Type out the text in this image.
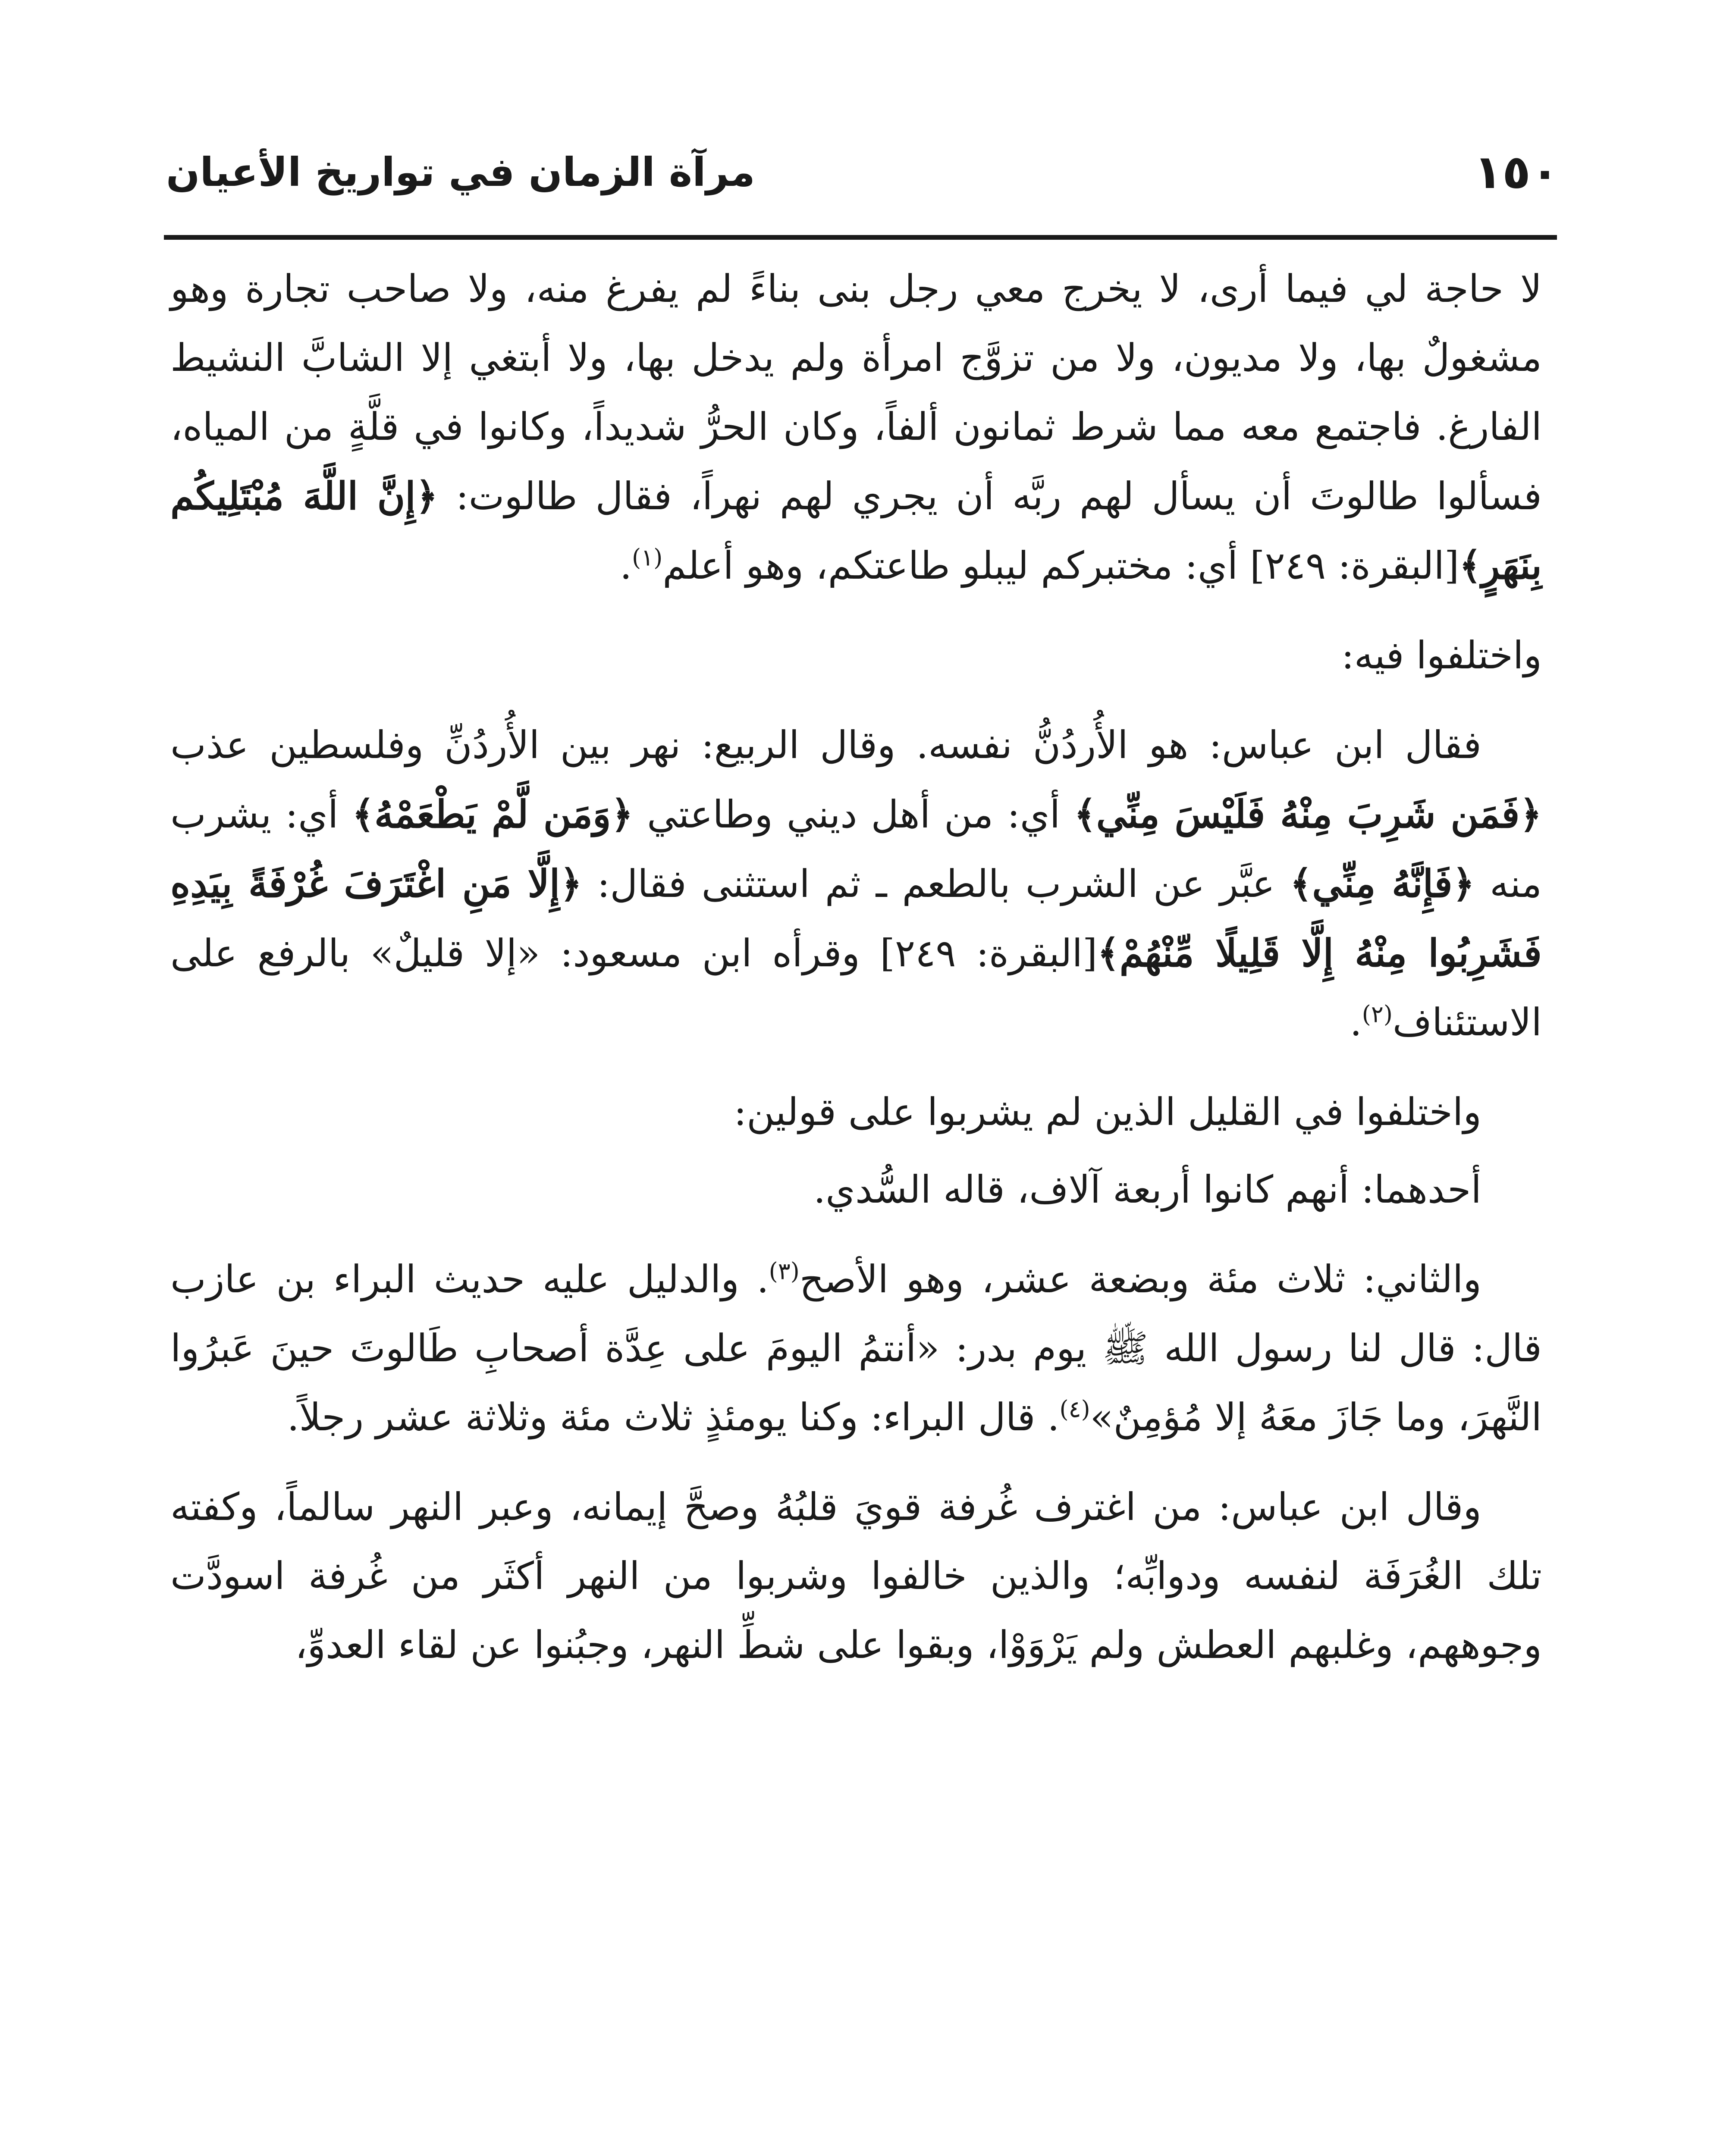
١٥٠
مرآة الزمان في تواريخ الأعيان

لا حاجة لي فيما أرى، لا يخرج معي رجل بنى بناءً لم يفرغ منه، ولا صاحب تجارة وهو مشغولٌ بها، ولا مديون، ولا من تزوَّج امرأة ولم يدخل بها، ولا أبتغي إلا الشابَّ النشيط الفارغ. فاجتمع معه مما شرط ثمانون ألفاً، وكان الحرُّ شديداً، وكانوا في قلَّةٍ من المياه، فسألوا طالوتَ أن يسأل لهم ربَّه أن يجري لهم نهراً، فقال طالوت: ﴿إِنَّ اللَّهَ مُبْتَلِيكُم بِنَهَرٍ﴾[البقرة: ٢٤٩] أي: مختبركم ليبلو طاعتكم، وهو أعلم$^{(١)}$.

واختلفوا فيه:

فقال ابن عباس: هو الأُردُنُّ نفسه. وقال الربيع: نهر بين الأُردُنِّ وفلسطين عذب ﴿فَمَن شَرِبَ مِنْهُ فَلَيْسَ مِنِّي﴾ أي: من أهل ديني وطاعتي ﴿وَمَن لَّمْ يَطْعَمْهُ﴾ أي: يشرب منه ﴿فَإِنَّهُ مِنِّي﴾ عبَّر عن الشرب بالطعم ـ ثم استثنى فقال: ﴿إِلَّا مَنِ اغْتَرَفَ غُرْفَةً بِيَدِهِ فَشَرِبُوا مِنْهُ إِلَّا قَلِيلًا مِّنْهُمْ﴾[البقرة: ٢٤٩] وقرأه ابن مسعود: «إلا قليلٌ» بالرفع على الاستئناف$^{(٢)}$.

واختلفوا في القليل الذين لم يشربوا على قولين:

أحدهما: أنهم كانوا أربعة آلاف، قاله السُّدي.

والثاني: ثلاث مئة وبضعة عشر، وهو الأصح$^{(٣)}$. والدليل عليه حديث البراء بن عازب قال: قال لنا رسول الله ﷺ يوم بدر: «أنتمُ اليومَ على عِدَّة أصحابِ طَالوتَ حينَ عَبرُوا النَّهرَ، وما جَازَ معَهُ إلا مُؤمِنٌ»$^{(٤)}$. قال البراء: وكنا يومئذٍ ثلاث مئة وثلاثة عشر رجلاً.

وقال ابن عباس: من اغترف غُرفة قويَ قلبُهُ وصحَّ إيمانه، وعبر النهر سالماً، وكفته تلك الغُرَفَة لنفسه ودوابِّه؛ والذين خالفوا وشربوا من النهر أكثَر من غُرفة اسودَّت وجوههم، وغلبهم العطش ولم يَرْوَوْا، وبقوا على شطِّ النهر، وجبُنوا عن لقاء العدوِّ،
